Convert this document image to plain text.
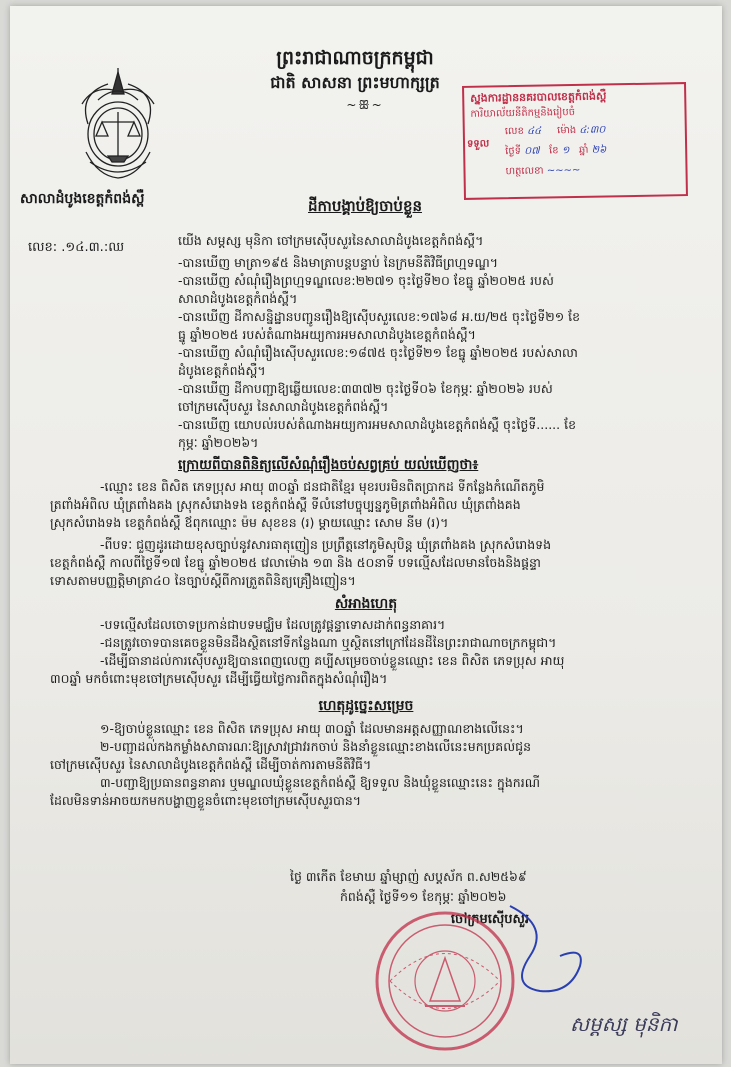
ព្រះរាជាណាចក្រកម្ពុជា
ជាតិ សាសនា ព្រះមហាក្សត្រ
~ꕥ~
សាលាដំបូងខេត្តកំពង់ស្ពឺ
លេខ: .១៤.៣.:ឈ
ដីកាបង្គាប់ឱ្យចាប់ខ្លួន
ស្នងការដ្ឋាននគរបាលខេត្តកំពង់ស្ពឺ
ការិយាល័យនីតិកម្មនិងរៀបចំ
ទទួល
លេខ ៤៤ ម៉ោង ៤:៣០
ថ្ងៃទី ០៧ ខែ ១ ឆ្នាំ ២៦
ហត្ថលេខា ~~~~
យើង សម្ដស្ស មុនិកា ចៅក្រមស៊ើបសួរនៃសាលាដំបូងខេត្តកំពង់ស្ពឺ។
-បានឃើញ មាត្រា១៩៥ និងមាត្រាបន្តបន្ទាប់ នៃក្រមនីតិវិធីព្រហ្មទណ្ឌ។
-បានឃើញ សំណុំរឿងព្រហ្មទណ្ឌលេខ:២២៧១ ចុះថ្ងៃទី២០ ខែធ្នូ ឆ្នាំ២០២៥ របស់
សាលាដំបូងខេត្តកំពង់ស្ពឺ។
-បានឃើញ ដីកាសន្និដ្ឋានបញ្ជូនរឿងឱ្យស៊ើបសួរលេខ:១៧៦៨ អ.យ/២៥ ចុះថ្ងៃទី២១ ខែ
ធ្នូ ឆ្នាំ២០២៥ របស់តំណាងអយ្យការអមសាលាដំបូងខេត្តកំពង់ស្ពឺ។
-បានឃើញ សំណុំរឿងស៊ើបសួរលេខ:១៨៧៥ ចុះថ្ងៃទី២១ ខែធ្នូ ឆ្នាំ២០២៥ របស់សាលា
ដំបូងខេត្តកំពង់ស្ពឺ។
-បានឃើញ ដីកាបញ្ជាឱ្យឆ្លើយលេខ:៣៣៧២ ចុះថ្ងៃទី០៦ ខែកុម្ភៈ ឆ្នាំ២០២៦ របស់
ចៅក្រមស៊ើបសួរ នៃសាលាដំបូងខេត្តកំពង់ស្ពឺ។
-បានឃើញ យោបល់របស់តំណាងអយ្យការអមសាលាដំបូងខេត្តកំពង់ស្ពឺ ចុះថ្ងៃទី...... ខែ
កុម្ភៈ ឆ្នាំ២០២៦។
ក្រោយពីបានពិនិត្យលើសំណុំរឿងចប់សព្វគ្រប់ យល់ឃើញថា៖
-ឈ្មោះ ខេន ពិសិត ភេទប្រុស អាយុ ៣០ឆ្នាំ ជនជាតិខ្មែរ មុខរបរមិនពិតប្រាកដ ទីកន្លែងកំណើតភូមិ
ត្រពាំងអំពិល ឃុំត្រពាំងគង ស្រុកសំរោងទង ខេត្តកំពង់ស្ពឺ ទីលំនៅបច្ចុប្បន្នភូមិត្រពាំងអំពិល ឃុំត្រពាំងគង
ស្រុកសំរោងទង ខេត្តកំពង់ស្ពឺ ឪពុកឈ្មោះ ម៉ម សុខខន (រ) ម្ដាយឈ្មោះ សោម នីម (រ)។
-ពីបទៈ ជួញដូរដោយខុសច្បាប់នូវសារធាតុញៀន ប្រព្រឹត្តនៅភូមិសុបិន្ត ឃុំត្រពាំងគង ស្រុកសំរោងទង
ខេត្តកំពង់ស្ពឺ កាលពីថ្ងៃទី១៧ ខែធ្នូ ឆ្នាំ២០២៥ វេលាម៉ោង ១៣ និង ៥០នាទី បទល្មើសដែលមានចែងនិងផ្ដន្ទា
ទោសតាមបញ្ញត្តិមាត្រា៤០ នៃច្បាប់ស្ដីពីការត្រួតពិនិត្យគ្រឿងញៀន។
សំអាងហេតុ
-បទល្មើសដែលចោទប្រកាន់ជាបទមជ្ឈិម ដែលត្រូវផ្ដន្ទាទោសដាក់ពន្ធនាគារ។
-ជនត្រូវចោទបានគេចខ្លួនមិនដឹងស្ថិតនៅទីកន្លែងណា ឬស្ថិតនៅក្រៅដែនដីនៃព្រះរាជាណាចក្រកម្ពុជា។
-ដើម្បីធានាដល់ការស៊ើបសួរឱ្យបានពេញលេញ គប្បីសម្រេចចាប់ខ្លួនឈ្មោះ ខេន ពិសិត ភេទប្រុស អាយុ
៣០ឆ្នាំ មកចំពោះមុខចៅក្រមស៊ើបសួរ ដើម្បីធ្វើយថ្លៃការពិតក្នុងសំណុំរឿង។
ហេតុដូច្នេះសម្រេច
១-ឱ្យចាប់ខ្លួនឈ្មោះ ខេន ពិសិត ភេទប្រុស អាយុ ៣០ឆ្នាំ ដែលមានអត្តសញ្ញាណខាងលើនេះ។
២-បញ្ជាដល់កងកម្លាំងសាធារណៈឱ្យស្រាវជ្រាវរកចាប់ និងនាំខ្លួនឈ្មោះខាងលើនេះមកប្រគល់ជូន
ចៅក្រមស៊ើបសួរ នៃសាលាដំបូងខេត្តកំពង់ស្ពឺ ដើម្បីចាត់ការតាមនីតិវិធី។
៣-បញ្ជាឱ្យប្រធានពន្ធនាគារ ឬមណ្ឌលឃុំខ្លួនខេត្តកំពង់ស្ពឺ ឱ្យទទួល និងឃុំខ្លួនឈ្មោះនេះ ក្នុងករណី
ដែលមិនទាន់អាចយកមកបង្ហាញខ្លួនចំពោះមុខចៅក្រមស៊ើបសួរបាន។
ថ្ងៃ ៣កើត ខែមាឃ ឆ្នាំម្សាញ់ សប្តស័ក ព.ស២៥៦៩
កំពង់ស្ពឺ ថ្ងៃទី១១ ខែកុម្ភៈ ឆ្នាំ២០២៦
ចៅក្រមស៊ើបសួរ
សម្ដស្ស មុនិកា
